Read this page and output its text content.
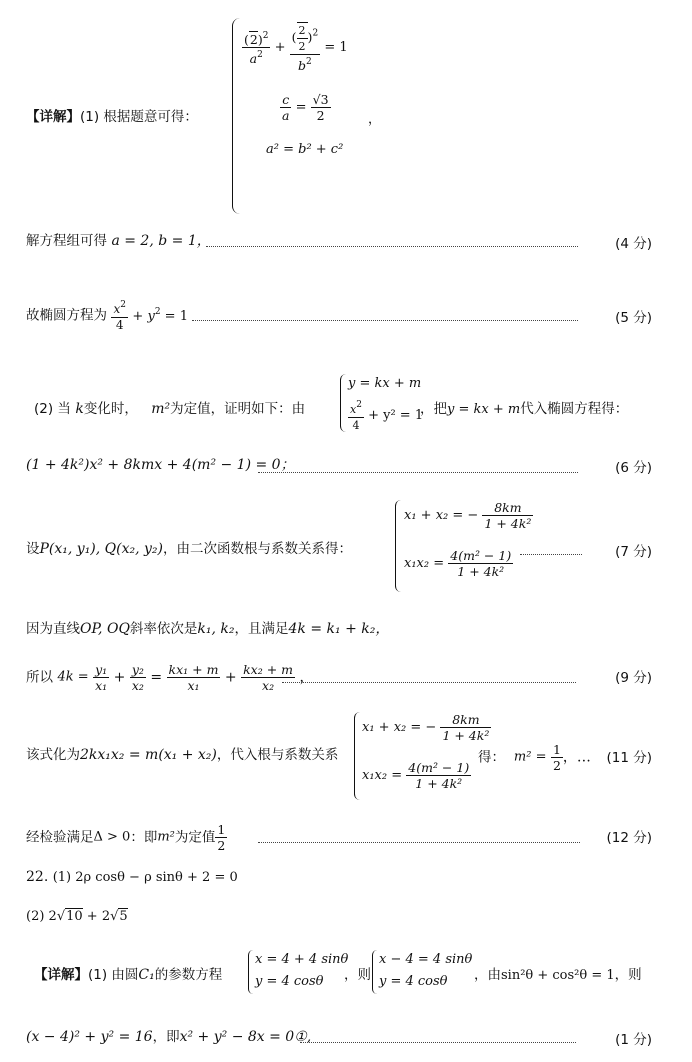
$\frac{(2)^2}{a^2} + \frac{( \frac{2}{2} )^2}{b^2} = 1$
$\frac{c}{a} = \frac{√3}{2}$
a² = b² + c²
，
【详解】(1) 根据题意可得：
解方程组可得 a = 2, b = 1，	(4 分)
故椭圆方程为 $\frac{x^2}{4} + y^2 = 1$	(5 分)
(2) 当 k变化时， m²为定值，证明如下：由
y = kx + m
$\frac{x^2}{4} + y^2 = 1$
，把y = kx + m代入椭圆方程得：
(1 + 4k²)x² + 8kmx + 4(m² − 1) = 0；	(6 分)
设P(x₁, y₁), Q(x₂, y₂)，由二次函数根与系数关系得：
x₁ + x₂ = − $\frac{8km}{\text{1 + 4k²}}$
$x_1x_2 = \frac{\text{4(m² − 1)}}{\text{1 + 4k²}}$	(7 分)
因为直线OP, OQ斜率依次是k₁, k₂，且满足4k = k₁ + k₂，
所以 $4k = \frac{\text{y₁}}{\text{x₁}} + \frac{\text{y₂}}{\text{x₂}} = \frac{\text{kx₁ + m}}{\text{x₁}} + \frac{\text{kx₂ + m}}{\text{x₂}}$ ，	(9 分)
该式化为2kx₁x₂ = m(x₁ + x₂)，代入根与系数关系
x₁ + x₂ = − $\frac{8km}{\text{1 + 4k²}}$
$x_1x_2 = \frac{\text{4(m² − 1)}}{\text{1 + 4k²}}$
得： $m^2 = \frac{1}{2}$ ，… (11 分)
经检验满足Δ > 0：即m²为定值 $\frac{1}{2}$	(12 分)
22. (1) 2ρ cosθ − ρ sinθ + 2 = 0
(2) 2√10 + 2√5
【详解】(1) 由圆C₁的参数方程
x = 4 + 4 sinθ
y = 4 cosθ ，则
x − 4 = 4 sinθ
y = 4 cosθ ，由sin²θ + cos²θ = 1，则
(x − 4)² + y² = 16，即x² + y² − 8x = 0①,	(1 分)
